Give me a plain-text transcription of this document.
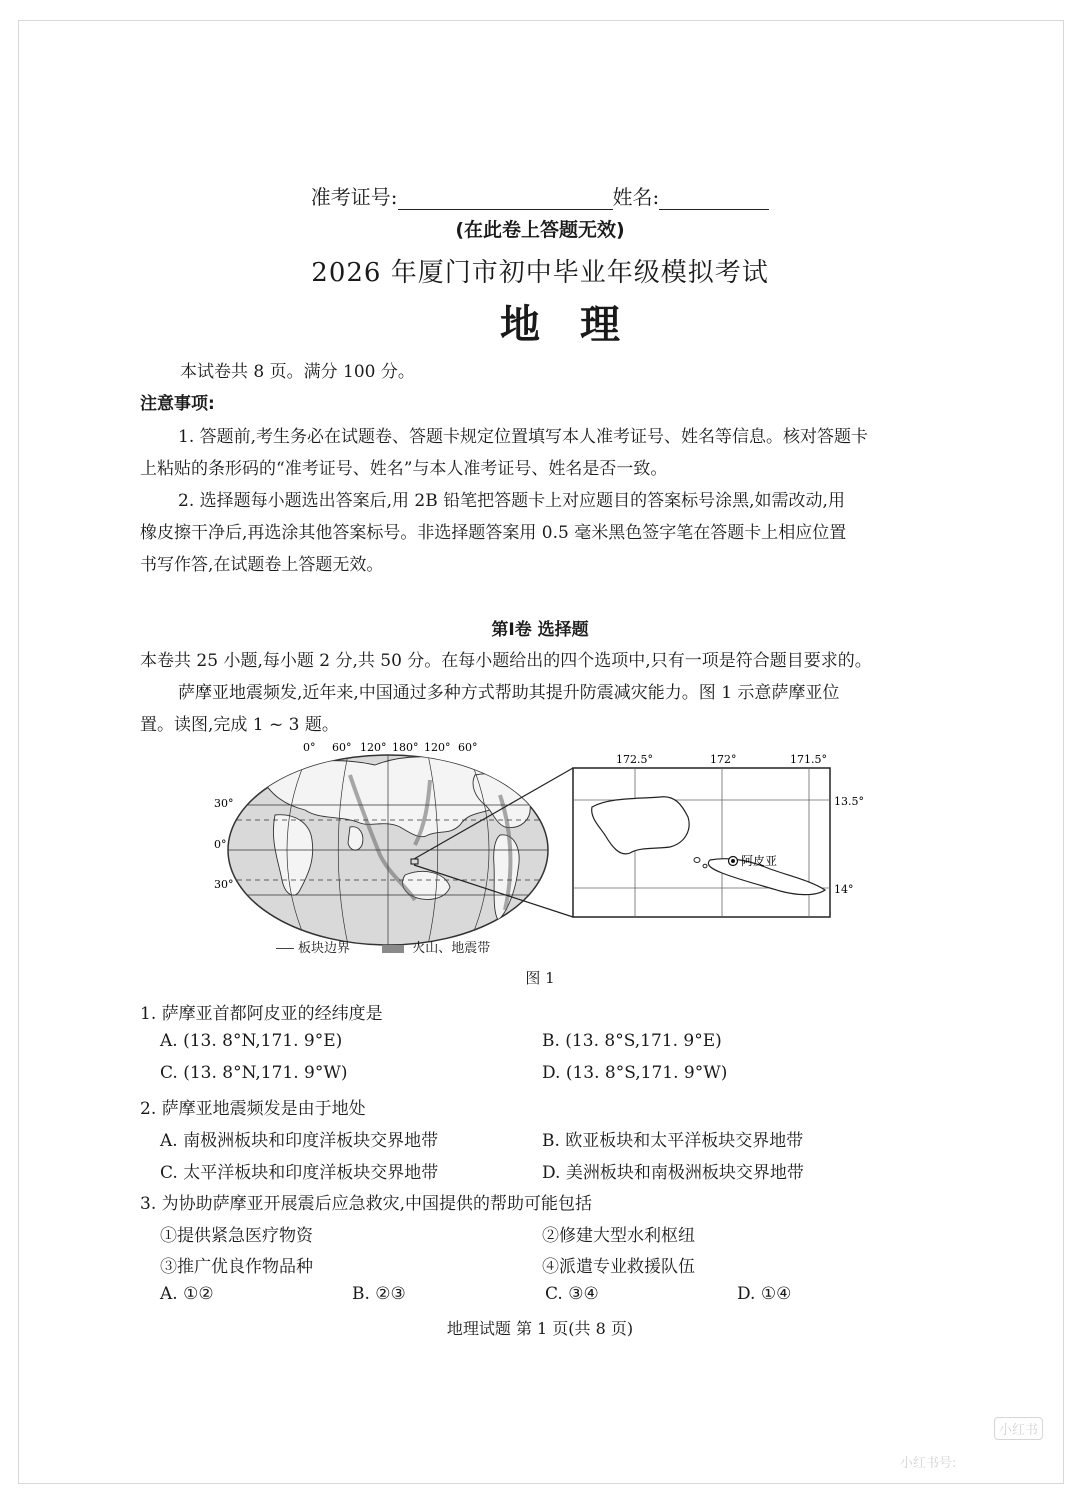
准考证号:	姓名:
(在此卷上答题无效)
2026 年厦门市初中毕业年级模拟考试
地理
本试卷共 8 页。满分 100 分。
注意事项:
1. 答题前,考生务必在试题卷、答题卡规定位置填写本人准考证号、姓名等信息。核对答题卡
上粘贴的条形码的“准考证号、姓名”与本人准考证号、姓名是否一致。
2. 选择题每小题选出答案后,用 2B 铅笔把答题卡上对应题目的答案标号涂黑,如需改动,用
橡皮擦干净后,再选涂其他答案标号。非选择题答案用 0.5 毫米黑色签字笔在答题卡上相应位置
书写作答,在试题卷上答题无效。
第Ⅰ卷 选择题
本卷共 25 小题,每小题 2 分,共 50 分。在每小题给出的四个选项中,只有一项是符合题目要求的。
萨摩亚地震频发,近年来,中国通过多种方式帮助其提升防震减灾能力。图 1 示意萨摩亚位
置。读图,完成 1 ~ 3 题。
0° 60° 120° 180° 120° 60°
30°
0°
30°
阿皮亚
172.5°	172°	171.5°
13.5°
14°
板块边界	火山、地震带
图 1
1. 萨摩亚首都阿皮亚的经纬度是
A. (13. 8°N,171. 9°E)	B. (13. 8°S,171. 9°E)
C. (13. 8°N,171. 9°W)	D. (13. 8°S,171. 9°W)
2. 萨摩亚地震频发是由于地处
A. 南极洲板块和印度洋板块交界地带	B. 欧亚板块和太平洋板块交界地带
C. 太平洋板块和印度洋板块交界地带	D. 美洲板块和南极洲板块交界地带
3. 为协助萨摩亚开展震后应急救灾,中国提供的帮助可能包括
①提供紧急医疗物资	②修建大型水利枢纽
③推广优良作物品种	④派遣专业救援队伍
A. ①②	B. ②③	C. ③④	D. ①④
地理试题 第 1 页(共 8 页)
小红书
小红书号:
